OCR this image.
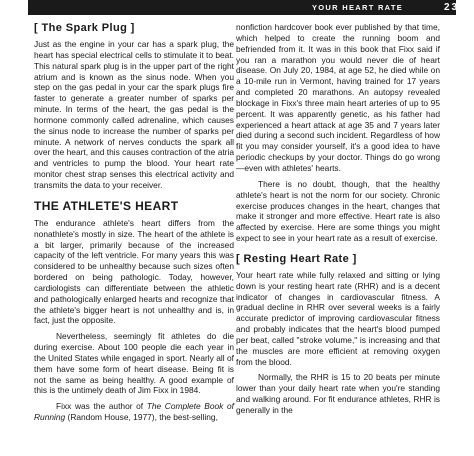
YOUR HEART RATE	23
[ The Spark Plug ]

Just as the engine in your car has a spark plug, the heart has special electrical cells to stimulate it to beat. This natural spark plug is in the upper part of the right atrium and is known as the sinus node. When you step on the gas pedal in your car the spark plugs fire faster to generate a greater number of sparks per minute. In terms of the heart, the gas pedal is the hormone commonly called adrenaline, which causes the sinus node to increase the number of sparks per minute. A network of nerves conducts the spark all over the heart, and this causes contraction of the atria and ventricles to pump the blood. Your heart rate monitor chest strap senses this electrical activity and transmits the data to your receiver.

THE ATHLETE'S HEART

The endurance athlete's heart differs from the nonathlete's mostly in size. The heart of the athlete is a bit larger, primarily because of the increased capacity of the left ventricle. For many years this was considered to be unhealthy because such sizes often bordered on being pathologic. Today, however, cardiologists can differentiate between the athletic and pathologically enlarged hearts and recognize that the athlete's bigger heart is not unhealthy and is, in fact, just the opposite.

Nevertheless, seemingly fit athletes do die during exercise. About 100 people die each year in the United States while engaged in sport. Nearly all of them have some form of heart disease. Being fit is not the same as being healthy. A good example of this is the untimely death of Jim Fixx in 1984.

Fixx was the author of The Complete Book of Running (Random House, 1977), the best-selling,

nonfiction hardcover book ever published by that time, which helped to create the running boom and befriended from it. It was in this book that Fixx said if you ran a marathon you would never die of heart disease. On July 20, 1984, at age 52, he died while on a 10-mile run in Vermont, having trained for 17 years and completed 20 marathons. An autopsy revealed blockage in Fixx's three main heart arteries of up to 95 percent. It was apparently genetic, as his father had experienced a heart attack at age 35 and 7 years later died during a second such incident. Regardless of how fit you may consider yourself, it's a good idea to have periodic checkups by your doctor. Things do go wrong—even with athletes' hearts.

There is no doubt, though, that the healthy athlete's heart is not the norm for our society. Chronic exercise produces changes in the heart, changes that make it stronger and more effective. Heart rate is also affected by exercise. Here are some things you might expect to see in your heart rate as a result of exercise.

[ Resting Heart Rate ]

Your heart rate while fully relaxed and sitting or lying down is your resting heart rate (RHR) and is a decent indicator of changes in cardiovascular fitness. A gradual decline in RHR over several weeks is a fairly accurate predictor of improving cardiovascular fitness and probably indicates that the heart's blood pumped per beat, called "stroke volume," is increasing and that the muscles are more efficient at removing oxygen from the blood.

Normally, the RHR is 15 to 20 beats per minute lower than your daily heart rate when you're standing and walking around. For fit endurance athletes, RHR is generally in the
